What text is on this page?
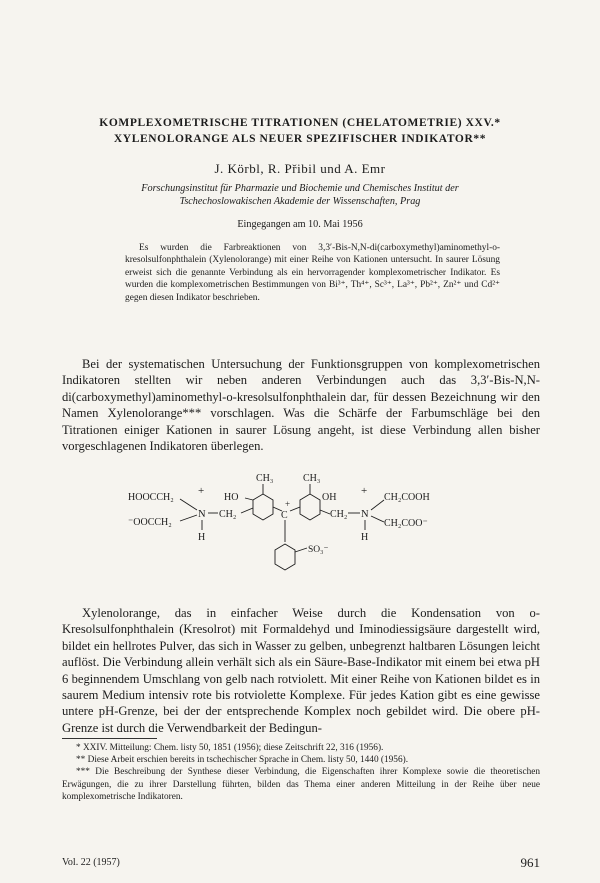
KOMPLEXOMETRISCHE TITRATIONEN (CHELATOMETRIE) XXV.*
XYLENOLORANGE ALS NEUER SPEZIFISCHER INDIKATOR**
J. Körbl, R. Přibil und A. Emr
Forschungsinstitut für Pharmazie und Biochemie und Chemisches Institut der
Tschechoslowakischen Akademie der Wissenschaften, Prag
Eingegangen am 10. Mai 1956

Es wurden die Farbreaktionen von 3,3′-Bis-N,N-di(carboxymethyl)aminomethyl-o-kresolsulfonphthalein (Xylenolorange) mit einer Reihe von Kationen untersucht. In saurer Lösung erweist sich die genannte Verbindung als ein hervorragender komplexometrischer Indikator. Es wurden die komplexometrischen Bestimmungen von Bi³⁺, Th⁴⁺, Sc³⁺, La³⁺, Pb²⁺, Zn²⁺ und Cd²⁺ gegen diesen Indikator beschrieben.

Bei der systematischen Untersuchung der Funktionsgruppen von komplexometrischen Indikatoren stellten wir neben anderen Verbindungen auch das 3,3′-Bis-N,N-di(carboxymethyl)aminomethyl-o-kresolsulfonphthalein dar, für dessen Bezeichnung wir den Namen Xylenolorange*** vorschlagen. Was die Schärfe der Farbumschläge bei den Titrationen einiger Kationen in saurer Lösung angeht, ist diese Verbindung allen bisher vorgeschlagenen Indikatoren überlegen.

HOOCCH₂
⁻OOCCH₂
+
N
H
CH₂
HO
CH₃
C
+
CH₃
OH
CH₂
+
N
H
CH₂COOH
CH₂COO⁻
SO₃⁻

Xylenolorange, das in einfacher Weise durch die Kondensation von o-Kresolsulfonphthalein (Kresolrot) mit Formaldehyd und Iminodiessigsäure dargestellt wird, bildet ein hellrotes Pulver, das sich in Wasser zu gelben, unbegrenzt haltbaren Lösungen leicht auflöst. Die Verbindung allein verhält sich als ein Säure-Base-Indikator mit einem bei etwa pH 6 beginnendem Umschlang von gelb nach rotviolett. Mit einer Reihe von Kationen bildet es in saurem Medium intensiv rote bis rotviolette Komplexe. Für jedes Kation gibt es eine gewisse untere pH-Grenze, bei der der entsprechende Komplex noch gebildet wird. Die obere pH-Grenze ist durch die Verwendbarkeit der Bedingun-

* XXIV. Mitteilung: Chem. listy 50, 1851 (1956); diese Zeitschrift 22, 316 (1956).

** Diese Arbeit erschien bereits in tschechischer Sprache in Chem. listy 50, 1440 (1956).

*** Die Beschreibung der Synthese dieser Verbindung, die Eigenschaften ihrer Komplexe sowie die theoretischen Erwägungen, die zu ihrer Darstellung führten, bilden das Thema einer anderen Mitteilung in der Reihe über neue komplexometrische Indikatoren.

Vol. 22 (1957)	961
